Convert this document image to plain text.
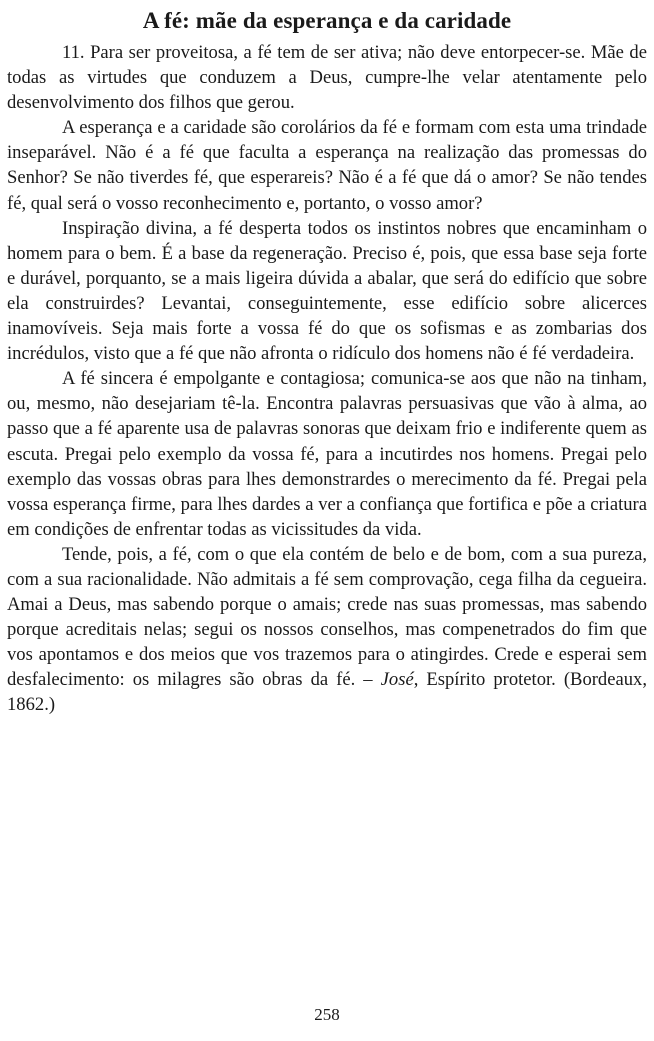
A fé: mãe da esperança e da caridade

11. Para ser proveitosa, a fé tem de ser ativa; não deve entorpecer-se. Mãe de todas as virtudes que conduzem a Deus, cumpre-lhe velar atentamente pelo desenvolvimento dos filhos que gerou.

A esperança e a caridade são corolários da fé e formam com esta uma trindade inseparável. Não é a fé que faculta a esperança na realização das promessas do Senhor? Se não tiverdes fé, que esperareis? Não é a fé que dá o amor? Se não tendes fé, qual será o vosso reconhecimento e, portanto, o vosso amor?

Inspiração divina, a fé desperta todos os instintos nobres que encaminham o homem para o bem. É a base da regeneração. Preciso é, pois, que essa base seja forte e durável, porquanto, se a mais ligeira dúvida a abalar, que será do edifício que sobre ela construirdes? Levantai, conseguintemente, esse edifício sobre alicerces inamovíveis. Seja mais forte a vossa fé do que os sofismas e as zombarias dos incrédulos, visto que a fé que não afronta o ridículo dos homens não é fé verdadeira.

A fé sincera é empolgante e contagiosa; comunica-se aos que não na tinham, ou, mesmo, não desejariam tê-la. Encontra palavras persuasivas que vão à alma, ao passo que a fé aparente usa de palavras sonoras que deixam frio e indiferente quem as escuta. Pregai pelo exemplo da vossa fé, para a incutirdes nos homens. Pregai pelo exemplo das vossas obras para lhes demonstrardes o merecimento da fé. Pregai pela vossa esperança firme, para lhes dardes a ver a confiança que fortifica e põe a criatura em condições de enfrentar todas as vicissitudes da vida.

Tende, pois, a fé, com o que ela contém de belo e de bom, com a sua pureza, com a sua racionalidade. Não admitais a fé sem comprovação, cega filha da cegueira. Amai a Deus, mas sabendo porque o amais; crede nas suas promessas, mas sabendo porque acreditais nelas; segui os nossos conselhos, mas compenetrados do fim que vos apontamos e dos meios que vos trazemos para o atingirdes. Crede e esperai sem desfalecimento: os milagres são obras da fé. – José, Espírito protetor. (Bordeaux, 1862.)

258
